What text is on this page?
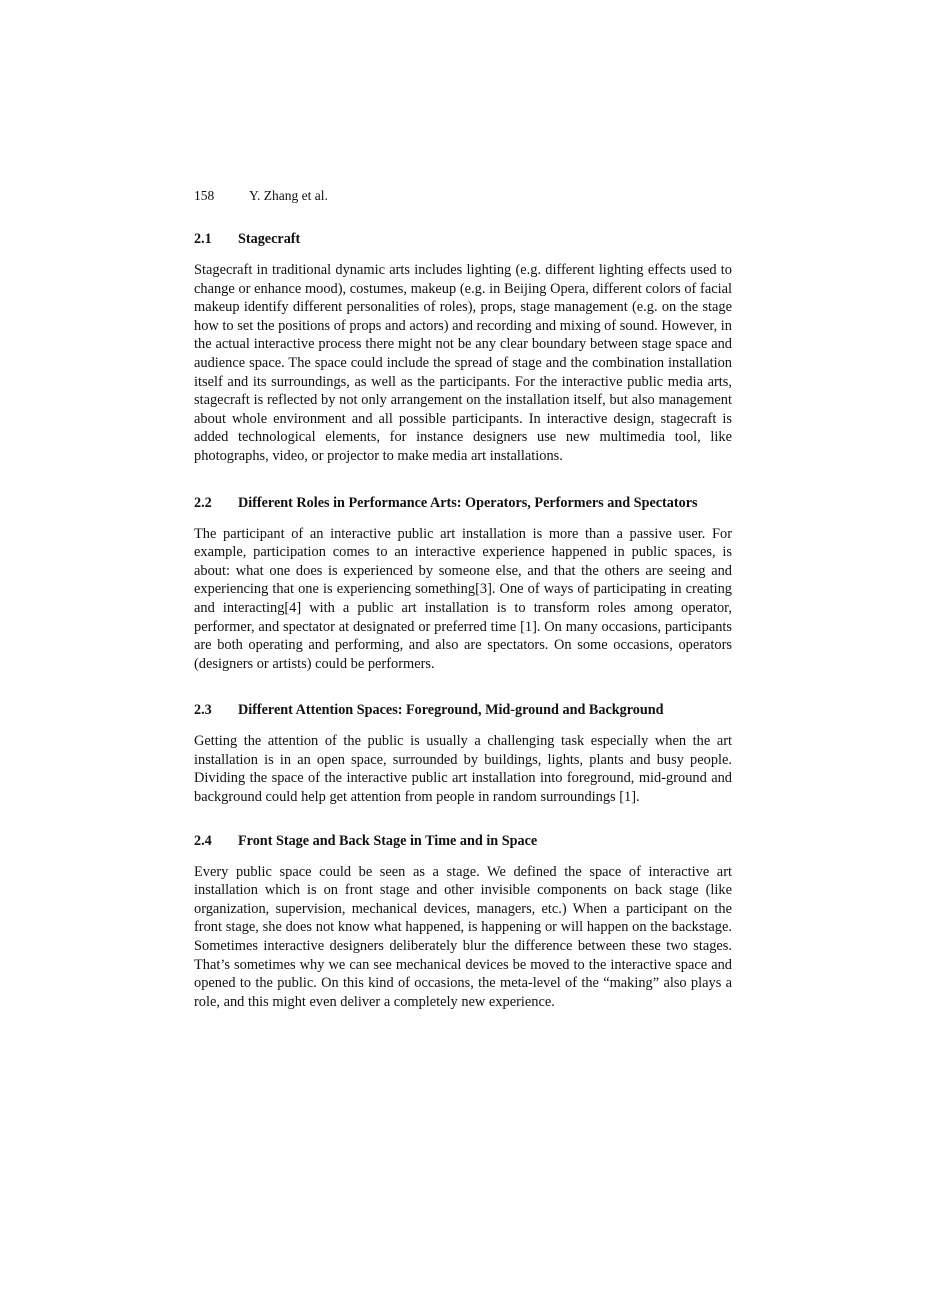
158	Y. Zhang et al.
2.1	Stagecraft

Stagecraft in traditional dynamic arts includes lighting (e.g. different lighting effects used to change or enhance mood), costumes, makeup (e.g. in Beijing Opera, different colors of facial makeup identify different personalities of roles), props, stage management (e.g. on the stage how to set the positions of props and actors) and recording and mixing of sound. However, in the actual interactive process there might not be any clear boundary between stage space and audience space. The space could include the spread of stage and the combination installation itself and its surroundings, as well as the participants. For the interactive public media arts, stagecraft is reflected by not only arrangement on the installation itself, but also management about whole environment and all possible participants. In interactive design, stagecraft is added technological elements, for instance designers use new multimedia tool, like photographs, video, or projector to make media art installations.

2.2	Different Roles in Performance Arts: Operators, Performers and Spectators

The participant of an interactive public art installation is more than a passive user. For example, participation comes to an interactive experience happened in public spaces, is about: what one does is experienced by someone else, and that the others are seeing and experiencing that one is experiencing something[3]. One of ways of participating in creating and interacting[4] with a public art installation is to transform roles among operator, performer, and spectator at designated or preferred time [1]. On many occasions, participants are both operating and performing, and also are spectators. On some occasions, operators (designers or artists) could be performers.

2.3	Different Attention Spaces: Foreground, Mid-ground and Background

Getting the attention of the public is usually a challenging task especially when the art installation is in an open space, surrounded by buildings, lights, plants and busy people. Dividing the space of the interactive public art installation into foreground, mid-ground and background could help get attention from people in random surroundings [1].

2.4	Front Stage and Back Stage in Time and in Space

Every public space could be seen as a stage. We defined the space of interactive art installation which is on front stage and other invisible components on back stage (like organization, supervision, mechanical devices, managers, etc.) When a participant on the front stage, she does not know what happened, is happening or will happen on the backstage. Sometimes interactive designers deliberately blur the difference between these two stages. That’s sometimes why we can see mechanical devices be moved to the interactive space and opened to the public. On this kind of occasions, the meta-level of the “making” also plays a role, and this might even deliver a completely new experience.
